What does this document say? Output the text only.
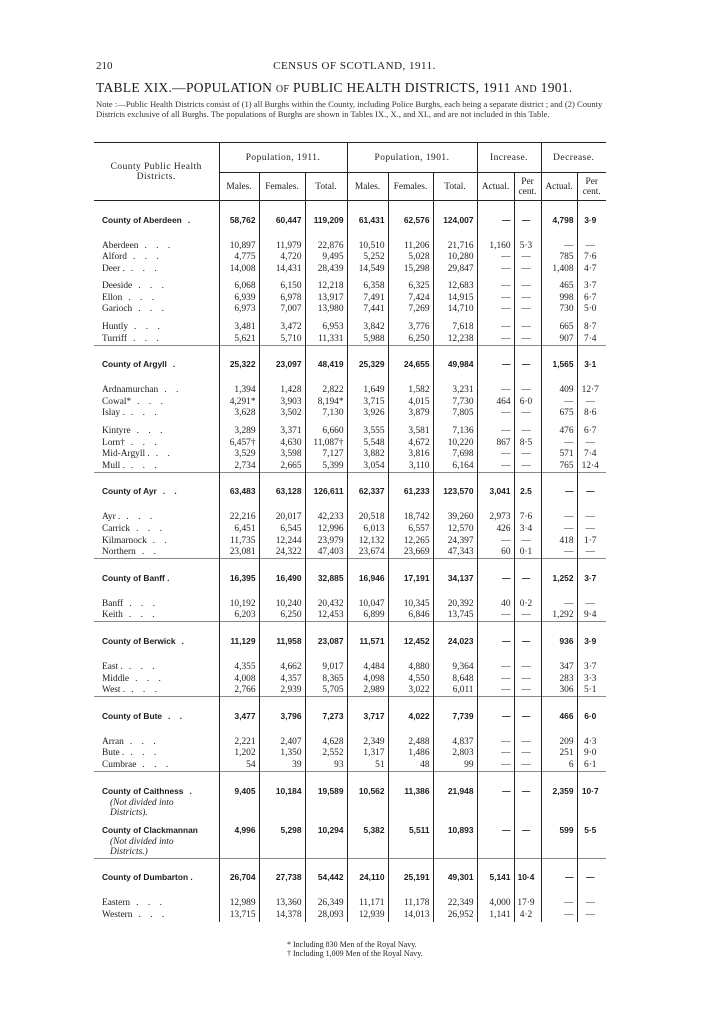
210	CENSUS OF SCOTLAND, 1911.
TABLE XIX.—POPULATION OF PUBLIC HEALTH DISTRICTS, 1911 AND 1901.
Note :—Public Health Districts consist of (1) all Burghs within the County, including Police Burghs, each being a separate district ; and (2) County Districts exclusive of all Burghs. The populations of Burghs are shown in Tables IX., X., and XI., and are not included in this Table.
County Public Health Districts.	Population, 1911.			Population, 1901.			Increase.		Decrease.	
	Males.	Females.	Total.	Males.	Females.	Total.	Actual.	Per cent.	Actual.	Per cent.

County of Aberdeen .	58,762	60,447	119,209	61,431	62,576	124,007	—	—	4,798	3·9

Aberdeen .    .    .	10,897	11,979	22,876	10,510	11,206	21,716	1,160	5·3	—	—
Alford .    .    .	4,775	4,720	9,495	5,252	5,028	10,280	—	—	785	7·6
Deer . .    .    .	14,008	14,431	28,439	14,549	15,298	29,847	—	—	1,408	4·7

Deeside .    .    .	6,068	6,150	12,218	6,358	6,325	12,683	—	—	465	3·7
Ellon .    .    .	6,939	6,978	13,917	7,491	7,424	14,915	—	—	998	6·7
Garioch .    .    .	6,973	7,007	13,980	7,441	7,269	14,710	—	—	730	5·0

Huntly .    .    .	3,481	3,472	6,953	3,842	3,776	7,618	—	—	665	8·7
Turriff .    .    .	5,621	5,710	11,331	5,988	6,250	12,238	—	—	907	7·4

County of Argyll .	25,322	23,097	48,419	25,329	24,655	49,984	—	—	1,565	3·1

Ardnamurchan .    .	1,394	1,428	2,822	1,649	1,582	3,231	—	—	409	12·7
Cowal* .    .    .	4,291*	3,903	8,194*	3,715	4,015	7,730	464	6·0	—	—
Islay . .    .    .	3,628	3,502	7,130	3,926	3,879	7,805	—	—	675	8·6

Kintyre .    .    .	3,289	3,371	6,660	3,555	3,581	7,136	—	—	476	6·7
Lorn† .    .    .	6,457†	4,630	11,087†	5,548	4,672	10,220	867	8·5	—	—
Mid-Argyll . .    .	3,529	3,598	7,127	3,882	3,816	7,698	—	—	571	7·4
Mull . .    .    .	2,734	2,665	5,399	3,054	3,110	6,164	—	—	765	12·4

County of Ayr .    .	63,483	63,128	126,611	62,337	61,233	123,570	3,041	2.5	—	—

Ayr . .    .    .	22,216	20,017	42,233	20,518	18,742	39,260	2,973	7·6	—	—
Carrick .    .    .	6,451	6,545	12,996	6,013	6,557	12,570	426	3·4	—	—
Kilmarnock .    .	11,735	12,244	23,979	12,132	12,265	24,397	—	—	418	1·7
Northern .    .	23,081	24,322	47,403	23,674	23,669	47,343	60	0·1	—	—

County of Banff .	16,395	16,490	32,885	16,946	17,191	34,137	—	—	1,252	3·7

Banff .    .    .	10,192	10,240	20,432	10,047	10,345	20,392	40	0·2	—	—
Keith .    .    .	6,203	6,250	12,453	6,899	6,846	13,745	—	—	1,292	9·4

County of Berwick .	11,129	11,958	23,087	11,571	12,452	24,023	—	—	936	3·9

East . .    .    .	4,355	4,662	9,017	4,484	4,880	9,364	—	—	347	3·7
Middle .    .    .	4,008	4,357	8,365	4,098	4,550	8,648	—	—	283	3·3
West . .    .    .	2,766	2,939	5,705	2,989	3,022	6,011	—	—	306	5·1

County of Bute .    .	3,477	3,796	7,273	3,717	4,022	7,739	—	—	466	6·0

Arran .    .    .	2,221	2,407	4,628	2,349	2,488	4,837	—	—	209	4·3
Bute . .    .    .	1,202	1,350	2,552	1,317	1,486	2,803	—	—	251	9·0
Cumbrae .    .    .	54	39	93	51	48	99	—	—	6	6·1

County of Caithness .	9,405	10,184	19,589	10,562	11,386	21,948	—	—	2,359	10·7
(Not divided into										
Districts).										

County of Clackmannan	4,996	5,298	10,294	5,382	5,511	10,893	—	—	599	5·5
(Not divided into										
Districts.)										

County of Dumbarton .	26,704	27,738	54,442	24,110	25,191	49,301	5,141	10·4	—	—

Eastern .    .    .	12,989	13,360	26,349	11,171	11,178	22,349	4,000	17·9	—	—
Western .    .    .	13,715	14,378	28,093	12,939	14,013	26,952	1,141	4·2	—	—
* Including 830 Men of the Royal Navy.
† Including 1,009 Men of the Royal Navy.
